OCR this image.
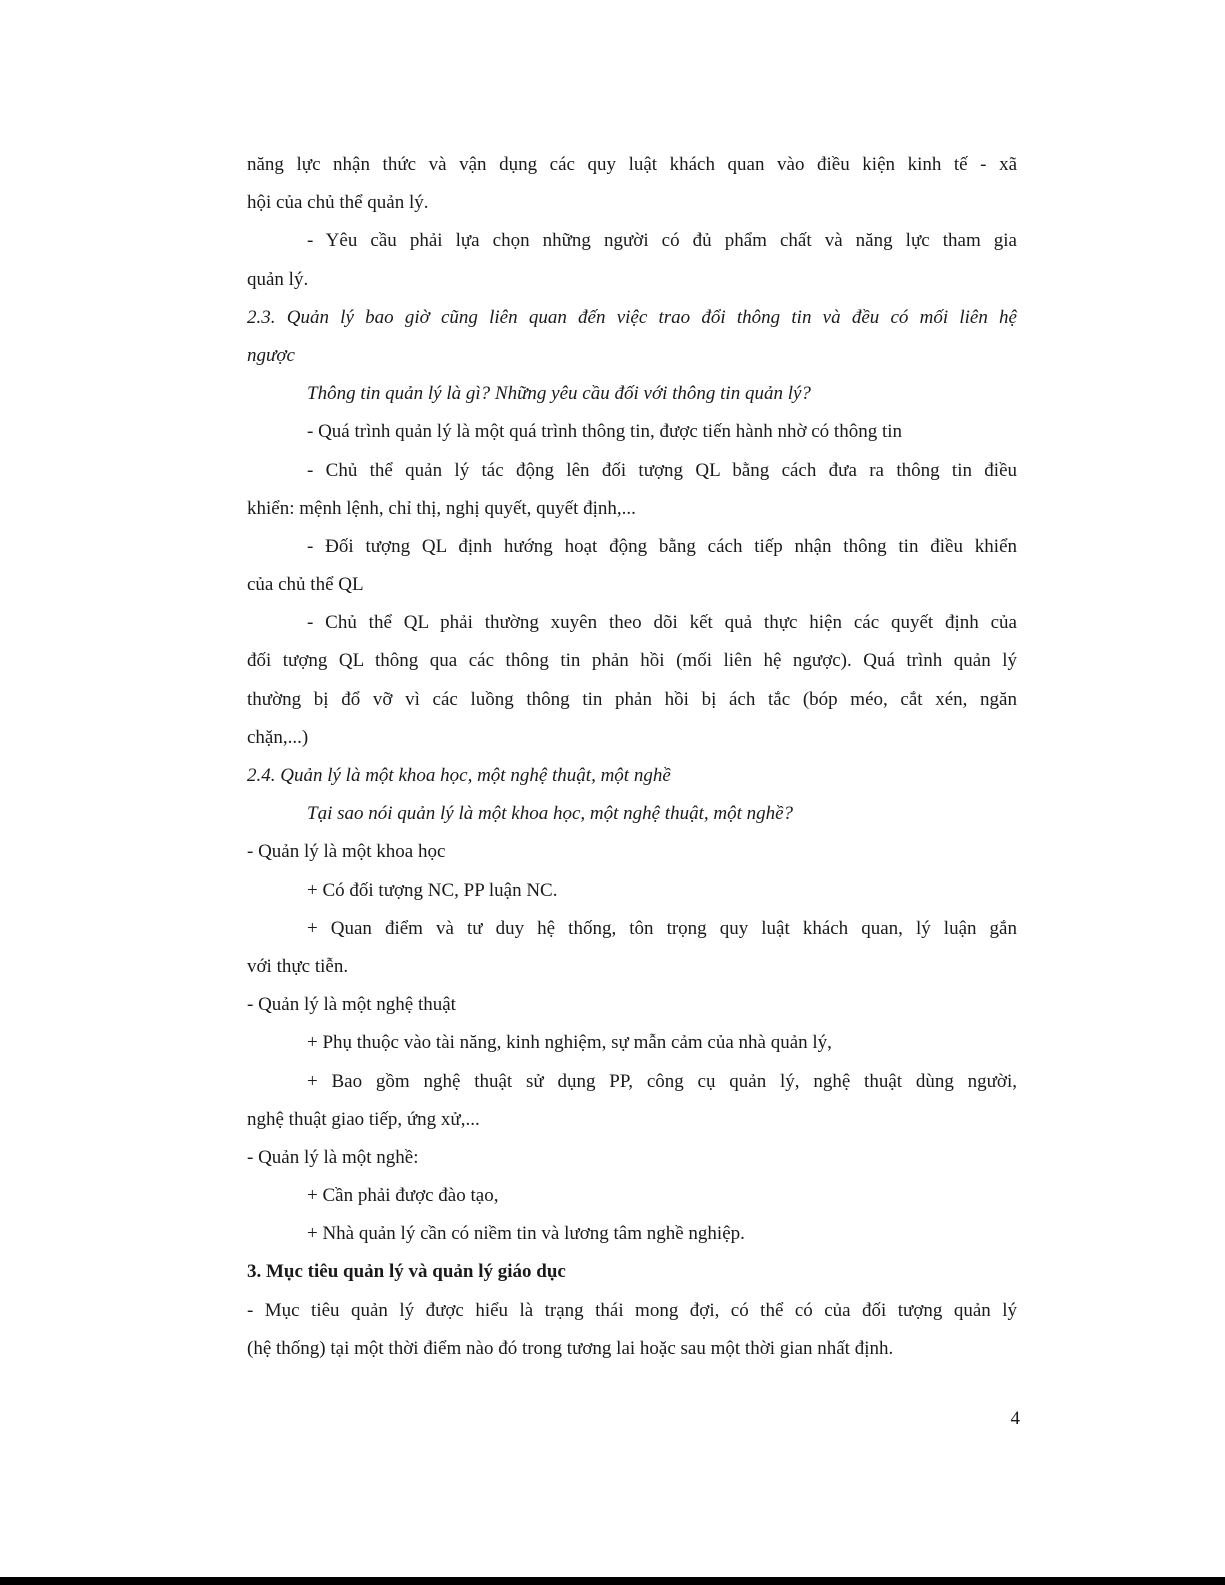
năng lực nhận thức và vận dụng các quy luật khách quan vào điều kiện kinh tế - xã
hội của chủ thể quản lý.
- Yêu cầu phải lựa chọn những người có đủ phẩm chất và năng lực tham gia
quản lý.
2.3. Quản lý bao giờ cũng liên quan đến việc trao đổi thông tin và đều có mối liên hệ
ngược
Thông tin quản lý là gì? Những yêu cầu đối với thông tin quản lý?
- Quá trình quản lý là một quá trình thông tin, được tiến hành nhờ có thông tin
- Chủ thể quản lý tác động lên đối tượng QL bằng cách đưa ra thông tin điều
khiển: mệnh lệnh, chỉ thị, nghị quyết, quyết định,...
- Đối tượng QL định hướng hoạt động bằng cách tiếp nhận thông tin điều khiển
của chủ thể QL
- Chủ thể QL phải thường xuyên theo dõi kết quả thực hiện các quyết định của
đối tượng QL thông qua các thông tin phản hồi (mối liên hệ ngược). Quá trình quản lý
thường bị đổ vỡ vì các luồng thông tin phản hồi bị ách tắc (bóp méo, cắt xén, ngăn
chặn,...)
2.4. Quản lý là một khoa học, một nghệ thuật, một nghề
Tại sao nói quản lý là một khoa học, một nghệ thuật, một nghề?
- Quản lý là một khoa học
+ Có đối tượng NC, PP luận NC.
+ Quan điểm và tư duy hệ thống, tôn trọng quy luật khách quan, lý luận gắn
với thực tiễn.
- Quản lý là một nghệ thuật
+ Phụ thuộc vào tài năng, kinh nghiệm, sự mẫn cảm của nhà quản lý,
+ Bao gồm nghệ thuật sử dụng PP, công cụ quản lý, nghệ thuật dùng người,
nghệ thuật giao tiếp, ứng xử,...
- Quản lý là một nghề:
+ Cần phải được đào tạo,
+ Nhà quản lý cần có niềm tin và lương tâm nghề nghiệp.
3. Mục tiêu quản lý và quản lý giáo dục
- Mục tiêu quản lý được hiểu là trạng thái mong đợi, có thể có của đối tượng quản lý
(hệ thống) tại một thời điểm nào đó trong tương lai hoặc sau một thời gian nhất định.
4
